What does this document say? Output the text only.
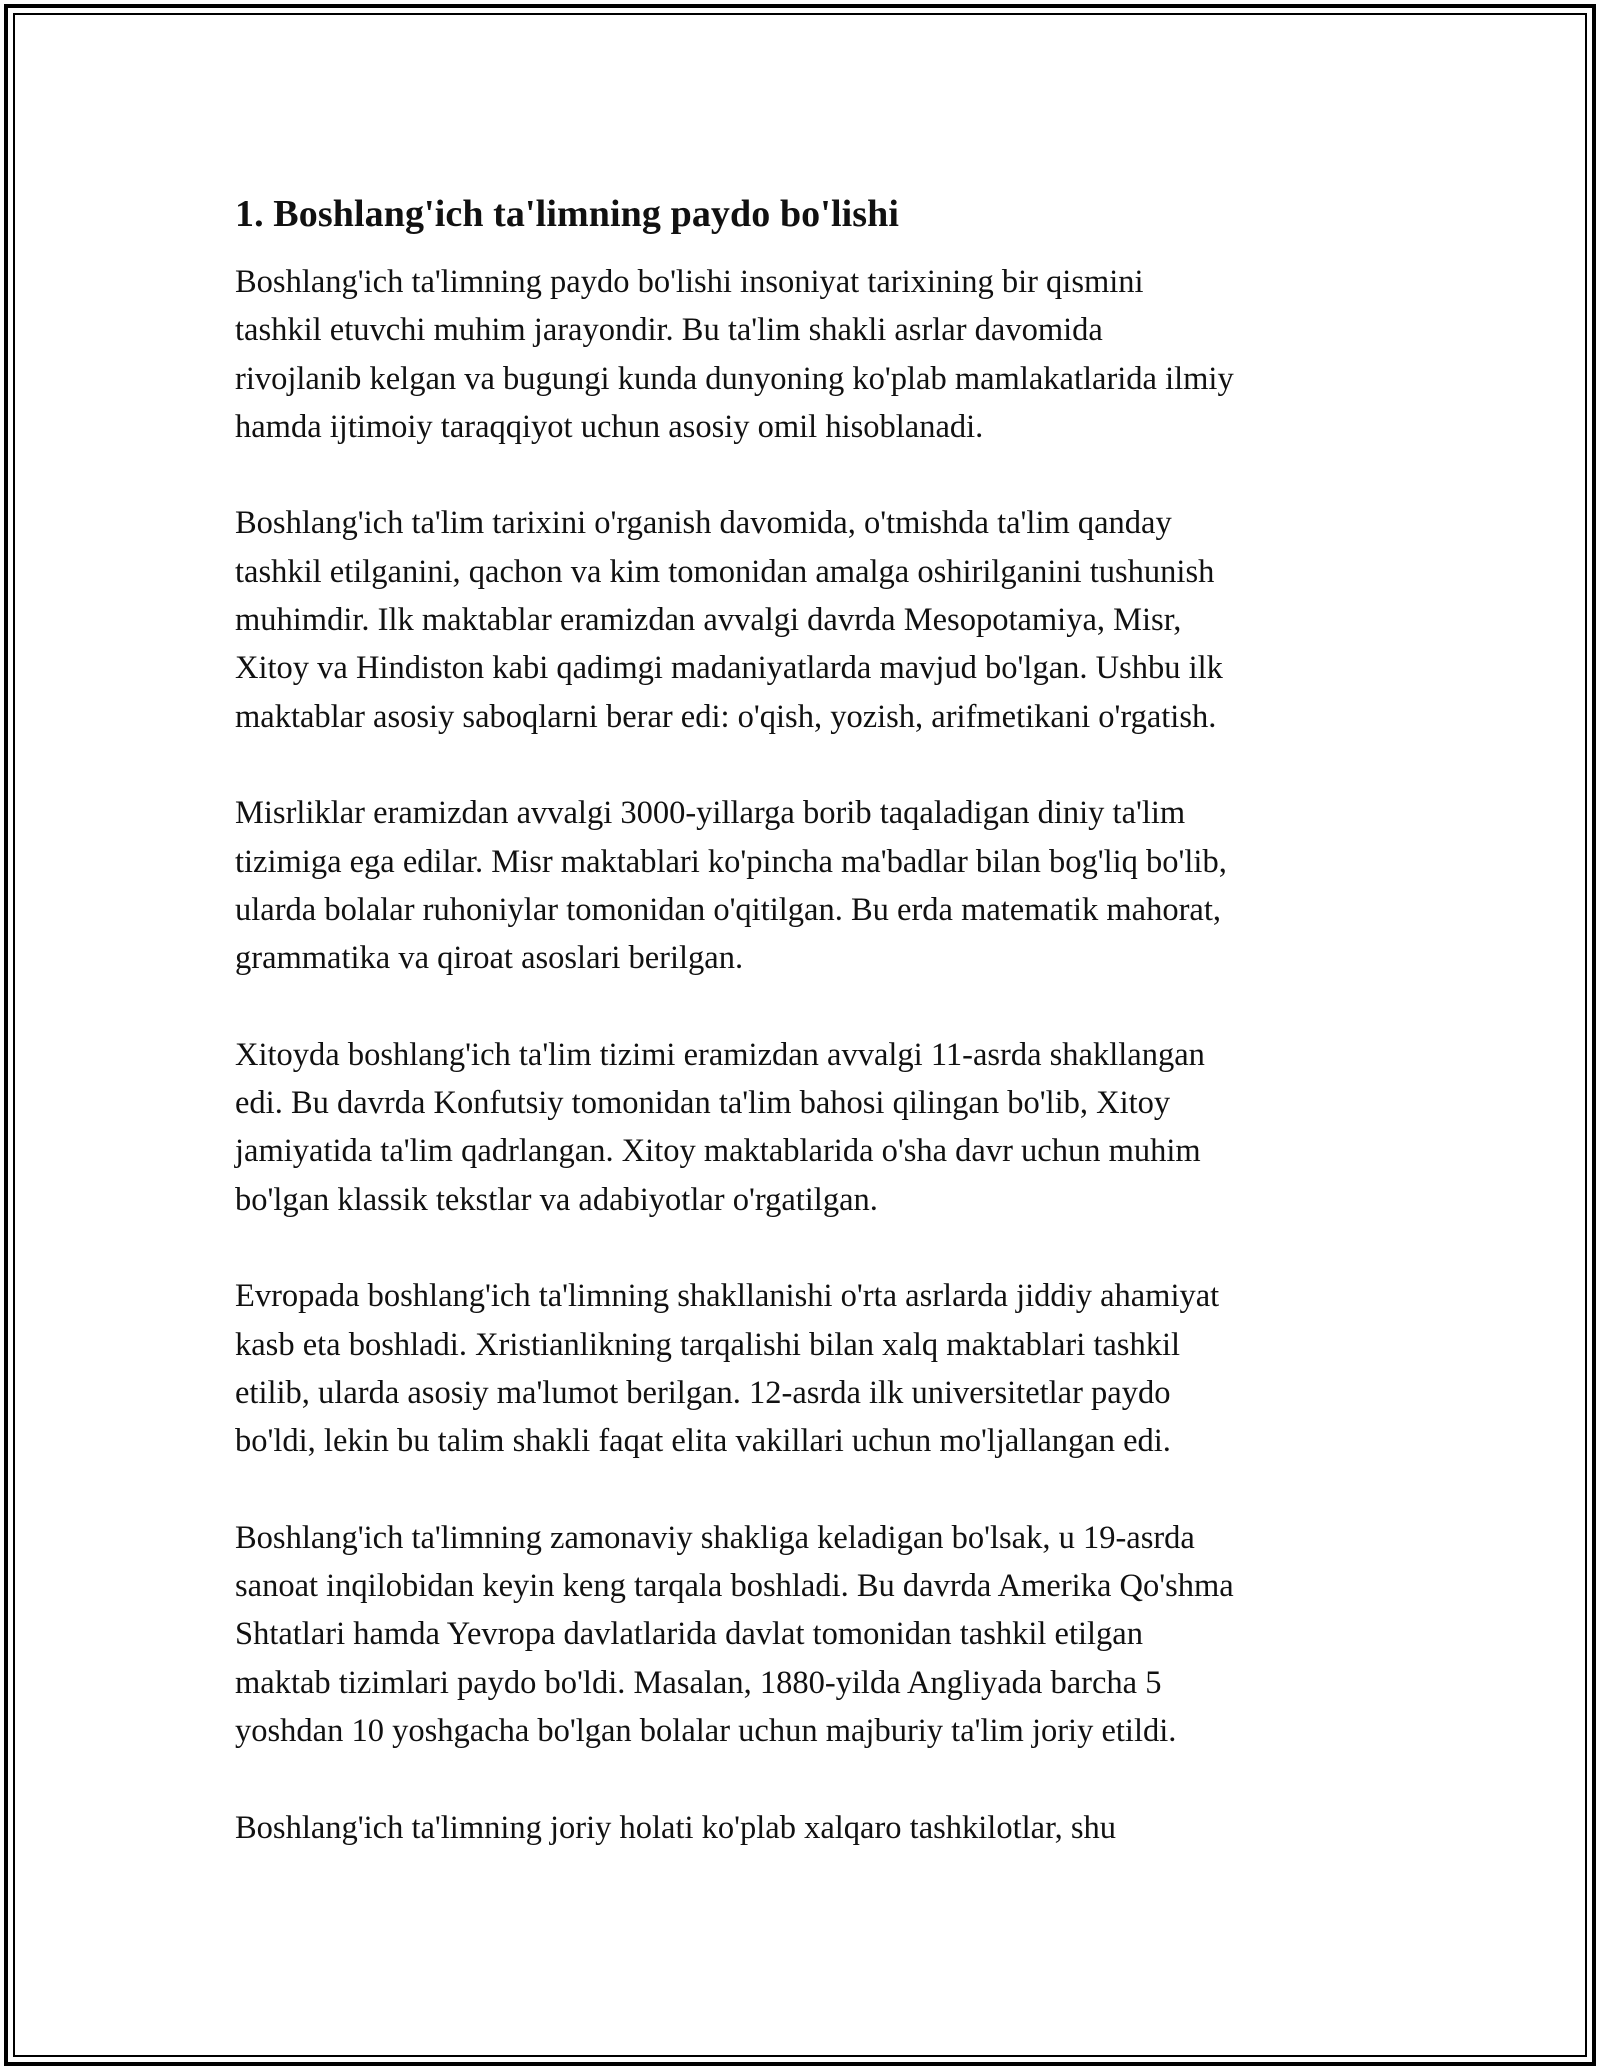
1. Boshlang'ich ta'limning paydo bo'lishi

Boshlang'ich ta'limning paydo bo'lishi insoniyat tarixining bir qismini
tashkil etuvchi muhim jarayondir. Bu ta'lim shakli asrlar davomida
rivojlanib kelgan va bugungi kunda dunyoning ko'plab mamlakatlarida ilmiy
hamda ijtimoiy taraqqiyot uchun asosiy omil hisoblanadi.

Boshlang'ich ta'lim tarixini o'rganish davomida, o'tmishda ta'lim qanday
tashkil etilganini, qachon va kim tomonidan amalga oshirilganini tushunish
muhimdir. Ilk maktablar eramizdan avvalgi davrda Mesopotamiya, Misr,
Xitoy va Hindiston kabi qadimgi madaniyatlarda mavjud bo'lgan. Ushbu ilk
maktablar asosiy saboqlarni berar edi: o'qish, yozish, arifmetikani o'rgatish.

Misrliklar eramizdan avvalgi 3000-yillarga borib taqaladigan diniy ta'lim
tizimiga ega edilar. Misr maktablari ko'pincha ma'badlar bilan bog'liq bo'lib,
ularda bolalar ruhoniylar tomonidan o'qitilgan. Bu erda matematik mahorat,
grammatika va qiroat asoslari berilgan.

Xitoyda boshlang'ich ta'lim tizimi eramizdan avvalgi 11-asrda shakllangan
edi. Bu davrda Konfutsiy tomonidan ta'lim bahosi qilingan bo'lib, Xitoy
jamiyatida ta'lim qadrlangan. Xitoy maktablarida o'sha davr uchun muhim
bo'lgan klassik tekstlar va adabiyotlar o'rgatilgan.

Evropada boshlang'ich ta'limning shakllanishi o'rta asrlarda jiddiy ahamiyat
kasb eta boshladi. Xristianlikning tarqalishi bilan xalq maktablari tashkil
etilib, ularda asosiy ma'lumot berilgan. 12-asrda ilk universitetlar paydo
bo'ldi, lekin bu talim shakli faqat elita vakillari uchun mo'ljallangan edi.

Boshlang'ich ta'limning zamonaviy shakliga keladigan bo'lsak, u 19-asrda
sanoat inqilobidan keyin keng tarqala boshladi. Bu davrda Amerika Qo'shma
Shtatlari hamda Yevropa davlatlarida davlat tomonidan tashkil etilgan
maktab tizimlari paydo bo'ldi. Masalan, 1880-yilda Angliyada barcha 5
yoshdan 10 yoshgacha bo'lgan bolalar uchun majburiy ta'lim joriy etildi.

Boshlang'ich ta'limning joriy holati ko'plab xalqaro tashkilotlar, shu
